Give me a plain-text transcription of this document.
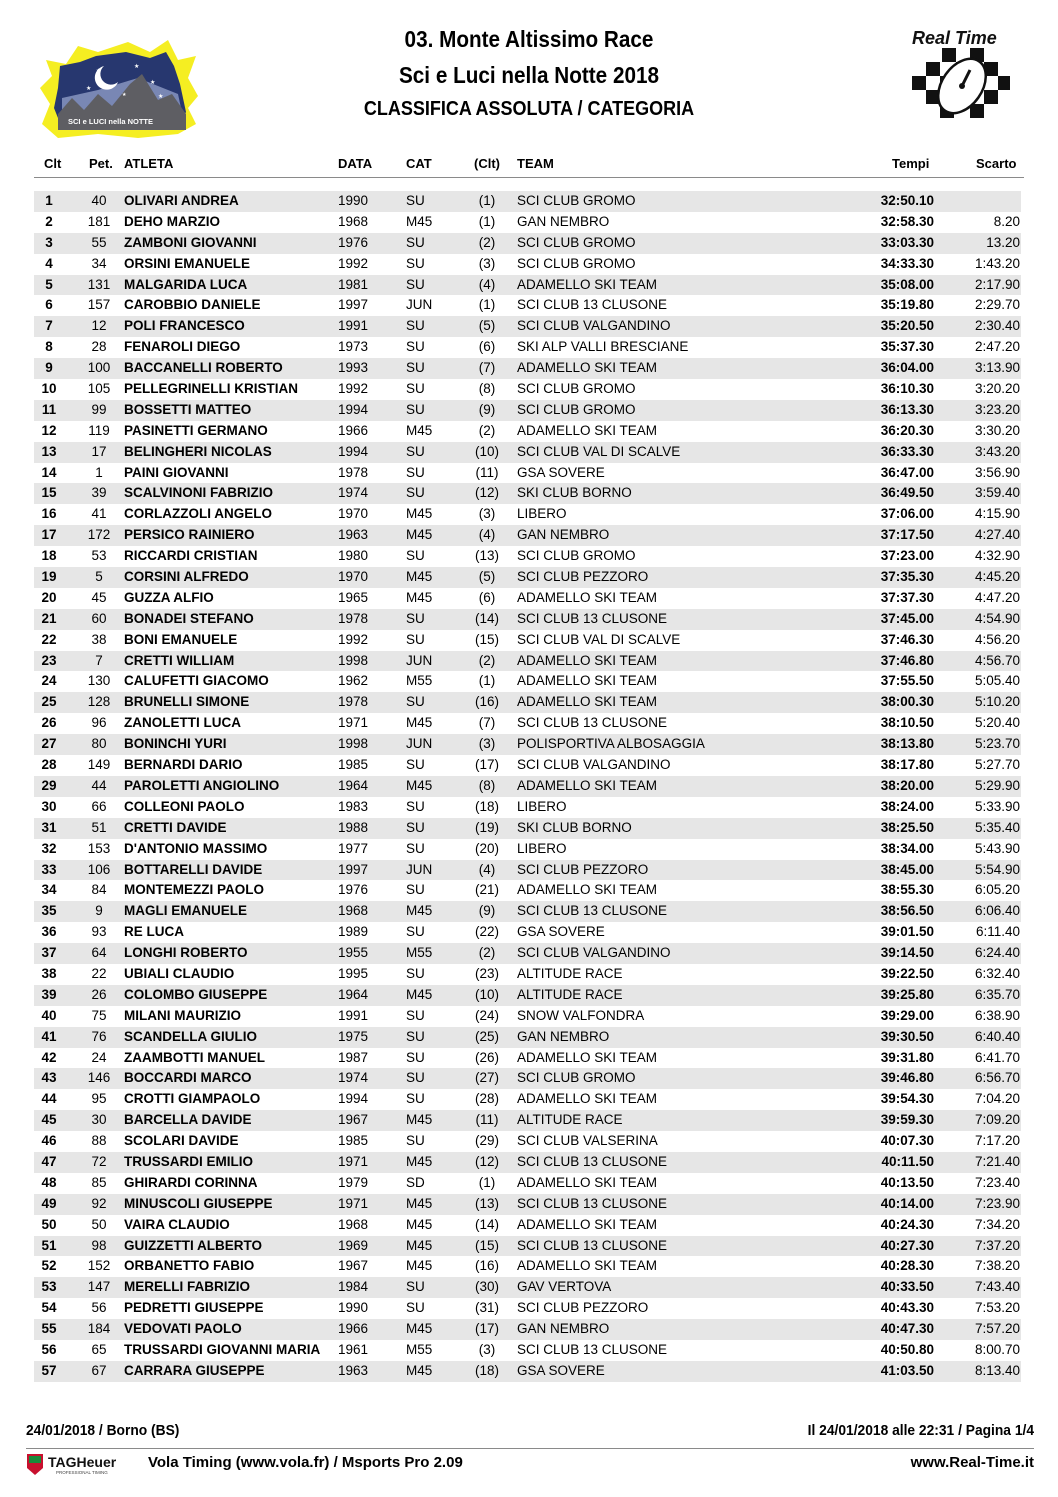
★
★
★
★
★
★
SCI e LUCI nella NOTTE
Real Time
03. Monte Altissimo Race
Sci e Luci nella Notte 2018
CLASSIFICA ASSOLUTA / CATEGORIA
Clt Pet. ATLETA	DATA	CAT	(Clt) TEAM	Tempi	Scarto
1	40	OLIVARI ANDREA	1990	SU	(1)	SCI CLUB GROMO	32:50.10
2	181	DEHO MARZIO	1968	M45	(1)	GAN NEMBRO	32:58.30	8.20
3	55	ZAMBONI GIOVANNI	1976	SU	(2)	SCI CLUB GROMO	33:03.30	13.20
4	34	ORSINI EMANUELE	1992	SU	(3)	SCI CLUB GROMO	34:33.30	1:43.20
5	131	MALGARIDA LUCA	1981	SU	(4)	ADAMELLO SKI TEAM	35:08.00	2:17.90
6	157	CAROBBIO DANIELE	1997	JUN	(1)	SCI CLUB 13 CLUSONE	35:19.80	2:29.70
7	12	POLI FRANCESCO	1991	SU	(5)	SCI CLUB VALGANDINO	35:20.50	2:30.40
8	28	FENAROLI DIEGO	1973	SU	(6)	SKI ALP VALLI BRESCIANE	35:37.30	2:47.20
9	100	BACCANELLI ROBERTO	1993	SU	(7)	ADAMELLO SKI TEAM	36:04.00	3:13.90
10	105	PELLEGRINELLI KRISTIAN	1992	SU	(8)	SCI CLUB GROMO	36:10.30	3:20.20
11	99	BOSSETTI MATTEO	1994	SU	(9)	SCI CLUB GROMO	36:13.30	3:23.20
12	119	PASINETTI GERMANO	1966	M45	(2)	ADAMELLO SKI TEAM	36:20.30	3:30.20
13	17	BELINGHERI NICOLAS	1994	SU	(10)	SCI CLUB VAL DI SCALVE	36:33.30	3:43.20
14	1	PAINI GIOVANNI	1978	SU	(11)	GSA SOVERE	36:47.00	3:56.90
15	39	SCALVINONI FABRIZIO	1974	SU	(12)	SKI CLUB BORNO	36:49.50	3:59.40
16	41	CORLAZZOLI ANGELO	1970	M45	(3)	LIBERO	37:06.00	4:15.90
17	172	PERSICO RAINIERO	1963	M45	(4)	GAN NEMBRO	37:17.50	4:27.40
18	53	RICCARDI CRISTIAN	1980	SU	(13)	SCI CLUB GROMO	37:23.00	4:32.90
19	5	CORSINI ALFREDO	1970	M45	(5)	SCI CLUB PEZZORO	37:35.30	4:45.20
20	45	GUZZA ALFIO	1965	M45	(6)	ADAMELLO SKI TEAM	37:37.30	4:47.20
21	60	BONADEI STEFANO	1978	SU	(14)	SCI CLUB 13 CLUSONE	37:45.00	4:54.90
22	38	BONI EMANUELE	1992	SU	(15)	SCI CLUB VAL DI SCALVE	37:46.30	4:56.20
23	7	CRETTI WILLIAM	1998	JUN	(2)	ADAMELLO SKI TEAM	37:46.80	4:56.70
24	130	CALUFETTI GIACOMO	1962	M55	(1)	ADAMELLO SKI TEAM	37:55.50	5:05.40
25	128	BRUNELLI SIMONE	1978	SU	(16)	ADAMELLO SKI TEAM	38:00.30	5:10.20
26	96	ZANOLETTI LUCA	1971	M45	(7)	SCI CLUB 13 CLUSONE	38:10.50	5:20.40
27	80	BONINCHI YURI	1998	JUN	(3)	POLISPORTIVA ALBOSAGGIA	38:13.80	5:23.70
28	149	BERNARDI DARIO	1985	SU	(17)	SCI CLUB VALGANDINO	38:17.80	5:27.70
29	44	PAROLETTI ANGIOLINO	1964	M45	(8)	ADAMELLO SKI TEAM	38:20.00	5:29.90
30	66	COLLEONI PAOLO	1983	SU	(18)	LIBERO	38:24.00	5:33.90
31	51	CRETTI DAVIDE	1988	SU	(19)	SKI CLUB BORNO	38:25.50	5:35.40
32	153	D'ANTONIO MASSIMO	1977	SU	(20)	LIBERO	38:34.00	5:43.90
33	106	BOTTARELLI DAVIDE	1997	JUN	(4)	SCI CLUB PEZZORO	38:45.00	5:54.90
34	84	MONTEMEZZI PAOLO	1976	SU	(21)	ADAMELLO SKI TEAM	38:55.30	6:05.20
35	9	MAGLI EMANUELE	1968	M45	(9)	SCI CLUB 13 CLUSONE	38:56.50	6:06.40
36	93	RE LUCA	1989	SU	(22)	GSA SOVERE	39:01.50	6:11.40
37	64	LONGHI ROBERTO	1955	M55	(2)	SCI CLUB VALGANDINO	39:14.50	6:24.40
38	22	UBIALI CLAUDIO	1995	SU	(23)	ALTITUDE RACE	39:22.50	6:32.40
39	26	COLOMBO GIUSEPPE	1964	M45	(10)	ALTITUDE RACE	39:25.80	6:35.70
40	75	MILANI MAURIZIO	1991	SU	(24)	SNOW VALFONDRA	39:29.00	6:38.90
41	76	SCANDELLA GIULIO	1975	SU	(25)	GAN NEMBRO	39:30.50	6:40.40
42	24	ZAAMBOTTI MANUEL	1987	SU	(26)	ADAMELLO SKI TEAM	39:31.80	6:41.70
43	146	BOCCARDI MARCO	1974	SU	(27)	SCI CLUB GROMO	39:46.80	6:56.70
44	95	CROTTI GIAMPAOLO	1994	SU	(28)	ADAMELLO SKI TEAM	39:54.30	7:04.20
45	30	BARCELLA DAVIDE	1967	M45	(11)	ALTITUDE RACE	39:59.30	7:09.20
46	88	SCOLARI DAVIDE	1985	SU	(29)	SCI CLUB VALSERINA	40:07.30	7:17.20
47	72	TRUSSARDI EMILIO	1971	M45	(12)	SCI CLUB 13 CLUSONE	40:11.50	7:21.40
48	85	GHIRARDI CORINNA	1979	SD	(1)	ADAMELLO SKI TEAM	40:13.50	7:23.40
49	92	MINUSCOLI GIUSEPPE	1971	M45	(13)	SCI CLUB 13 CLUSONE	40:14.00	7:23.90
50	50	VAIRA CLAUDIO	1968	M45	(14)	ADAMELLO SKI TEAM	40:24.30	7:34.20
51	98	GUIZZETTI ALBERTO	1969	M45	(15)	SCI CLUB 13 CLUSONE	40:27.30	7:37.20
52	152	ORBANETTO FABIO	1967	M45	(16)	ADAMELLO SKI TEAM	40:28.30	7:38.20
53	147	MERELLI FABRIZIO	1984	SU	(30)	GAV VERTOVA	40:33.50	7:43.40
54	56	PEDRETTI GIUSEPPE	1990	SU	(31)	SCI CLUB PEZZORO	40:43.30	7:53.20
55	184	VEDOVATI PAOLO	1966	M45	(17)	GAN NEMBRO	40:47.30	7:57.20
56	65	TRUSSARDI GIOVANNI MARIA 1961	M55	(3)	SCI CLUB 13 CLUSONE	40:50.80	8:00.70
57	67	CARRARA GIUSEPPE	1963	M45	(18)	GSA SOVERE	41:03.50	8:13.40
24/01/2018 / Borno (BS)	Il 24/01/2018 alle 22:31 / Pagina 1/4
TAGHeuer
PROFESSIONAL TIMING
Vola Timing (www.vola.fr) / Msports Pro 2.09	www.Real-Time.it
